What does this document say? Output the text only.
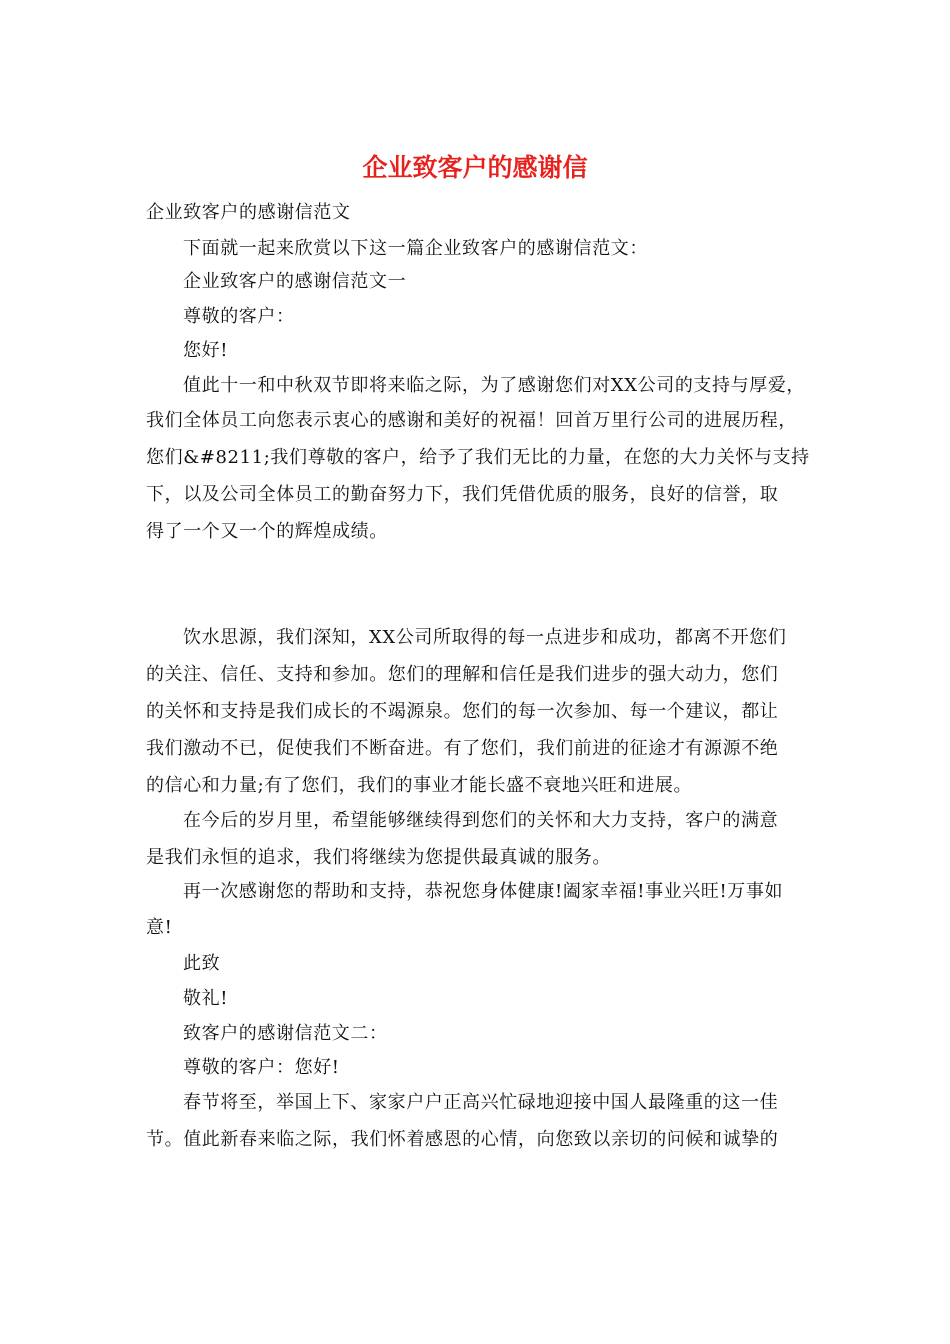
企业致客户的感谢信
企业致客户的感谢信范文
下面就一起来欣赏以下这一篇企业致客户的感谢信范文：
企业致客户的感谢信范文一
尊敬的客户：
您好!
值此十一和中秋双节即将来临之际，为了感谢您们对XX公司的支持与厚爱，
我们全体员工向您表示衷心的感谢和美好的祝福！回首万里行公司的进展历程，
您们&#8211;我们尊敬的客户，给予了我们无比的力量，在您的大力关怀与支持
下，以及公司全体员工的勤奋努力下，我们凭借优质的服务，良好的信誉，取
得了一个又一个的辉煌成绩。
饮水思源，我们深知，XX公司所取得的每一点进步和成功，都离不开您们
的关注、信任、支持和参加。您们的理解和信任是我们进步的强大动力，您们
的关怀和支持是我们成长的不竭源泉。您们的每一次参加、每一个建议，都让
我们激动不已，促使我们不断奋进。有了您们，我们前进的征途才有源源不绝
的信心和力量;有了您们，我们的事业才能长盛不衰地兴旺和进展。
在今后的岁月里，希望能够继续得到您们的关怀和大力支持，客户的满意
是我们永恒的追求，我们将继续为您提供最真诚的服务。
再一次感谢您的帮助和支持，恭祝您身体健康!阖家幸福!事业兴旺!万事如
意!
此致
敬礼!
致客户的感谢信范文二：
尊敬的客户：您好!
春节将至，举国上下、家家户户正高兴忙碌地迎接中国人最隆重的这一佳
节。值此新春来临之际，我们怀着感恩的心情，向您致以亲切的问候和诚挚的
